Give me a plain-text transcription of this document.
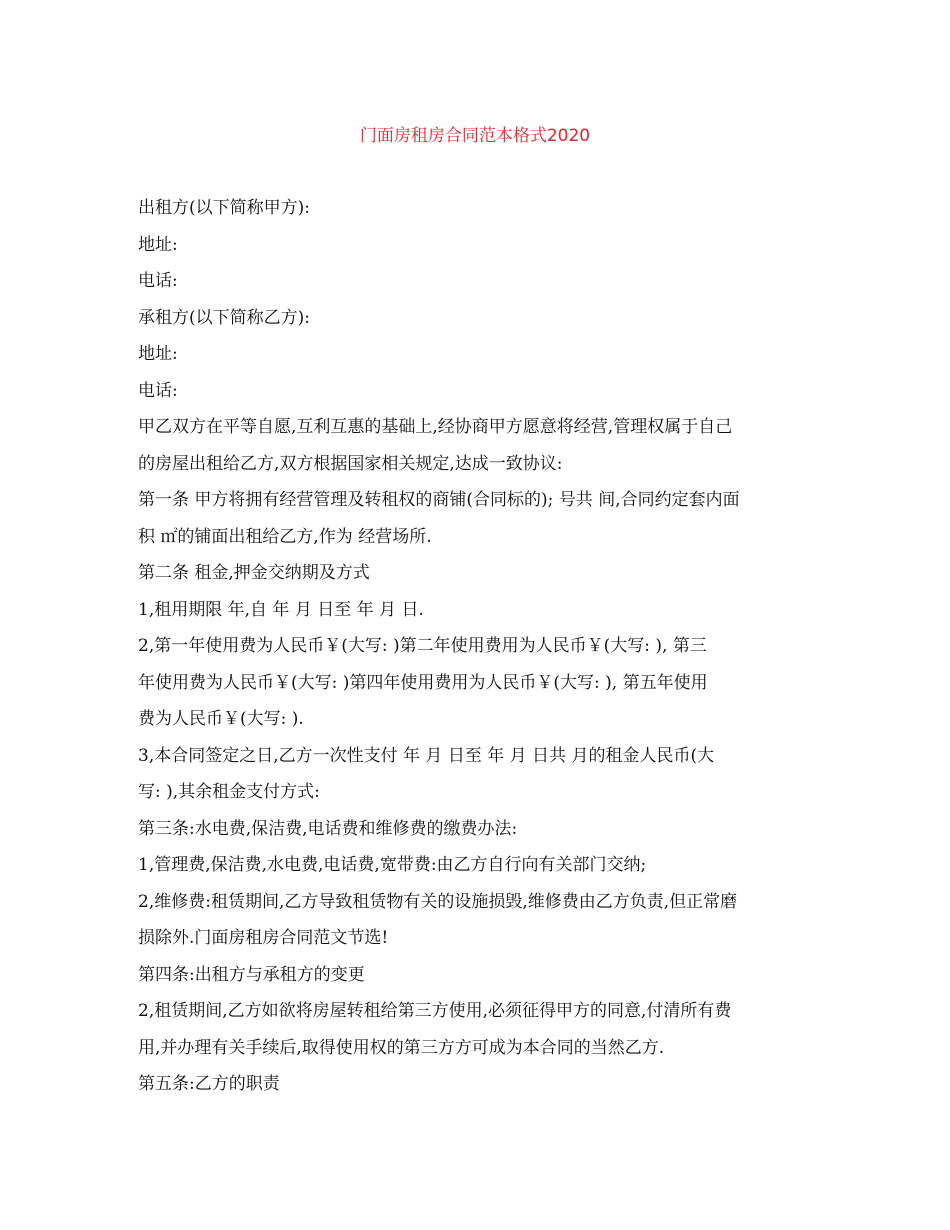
门面房租房合同范本格式2020
出租方(以下简称甲方):
地址:
电话:
承租方(以下简称乙方):
地址:
电话:
甲乙双方在平等自愿,互利互惠的基础上,经协商甲方愿意将经营,管理权属于自己
的房屋出租给乙方,双方根据国家相关规定,达成一致协议:
第一条 甲方将拥有经营管理及转租权的商铺(合同标的); 号共 间,合同约定套内面
积 ㎡的铺面出租给乙方,作为 经营场所.
第二条 租金,押金交纳期及方式
1,租用期限 年,自 年 月 日至 年 月 日.
2,第一年使用费为人民币￥(大写: )第二年使用费用为人民币￥(大写: ), 第三
年使用费为人民币￥(大写: )第四年使用费用为人民币￥(大写: ), 第五年使用
费为人民币￥(大写: ).
3,本合同签定之日,乙方一次性支付 年 月 日至 年 月 日共 月的租金人民币(大
写: ),其余租金支付方式:
第三条:水电费,保洁费,电话费和维修费的缴费办法:
1,管理费,保洁费,水电费,电话费,宽带费:由乙方自行向有关部门交纳;
2,维修费:租赁期间,乙方导致租赁物有关的设施损毁,维修费由乙方负责,但正常磨
损除外.门面房租房合同范文节选!
第四条:出租方与承租方的变更
2,租赁期间,乙方如欲将房屋转租给第三方使用,必须征得甲方的同意,付清所有费
用,并办理有关手续后,取得使用权的第三方方可成为本合同的当然乙方.
第五条:乙方的职责
